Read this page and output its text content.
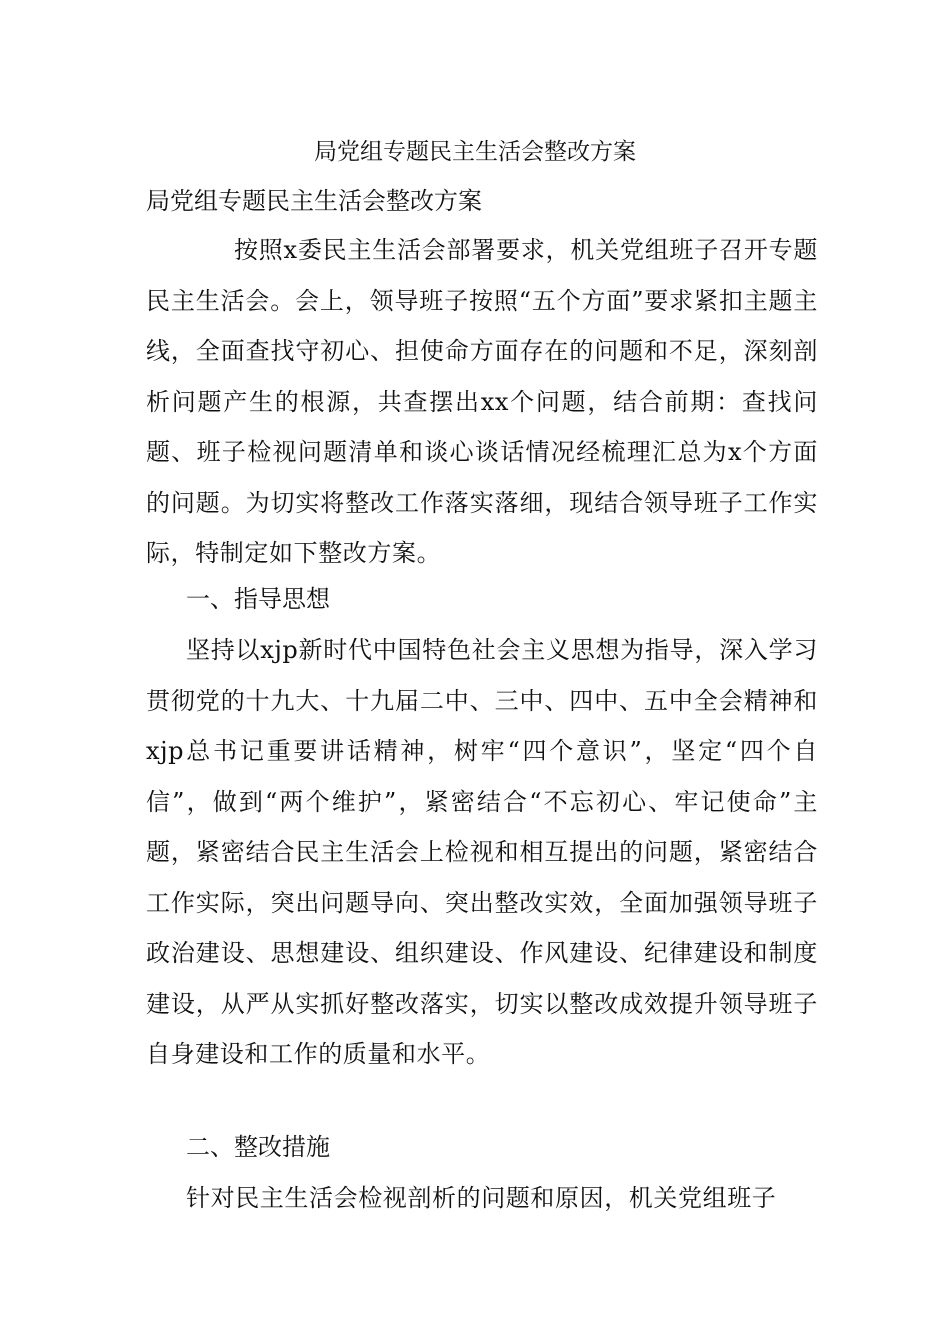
局党组专题民主生活会整改方案
局党组专题民主生活会整改方案
按照x委民主生活会部署要求，机关党组班子召开专题民主生活会。会上，领导班子按照“五个方面”要求紧扣主题主线，全面查找守初心、担使命方面存在的问题和不足，深刻剖析问题产生的根源，共查摆出xx个问题，结合前期：查找问题、班子检视问题清单和谈心谈话情况经梳理汇总为x个方面的问题。为切实将整改工作落实落细，现结合领导班子工作实际，特制定如下整改方案。
一、指导思想
坚持以xjp新时代中国特色社会主义思想为指导，深入学习贯彻党的十九大、十九届二中、三中、四中、五中全会精神和xjp总书记重要讲话精神，树牢“四个意识”，坚定“四个自信”，做到“两个维护”，紧密结合“不忘初心、牢记使命”主题，紧密结合民主生活会上检视和相互提出的问题，紧密结合工作实际，突出问题导向、突出整改实效，全面加强领导班子政治建设、思想建设、组织建设、作风建设、纪律建设和制度建设，从严从实抓好整改落实，切实以整改成效提升领导班子自身建设和工作的质量和水平。
二、整改措施
针对民主生活会检视剖析的问题和原因，机关党组班子
